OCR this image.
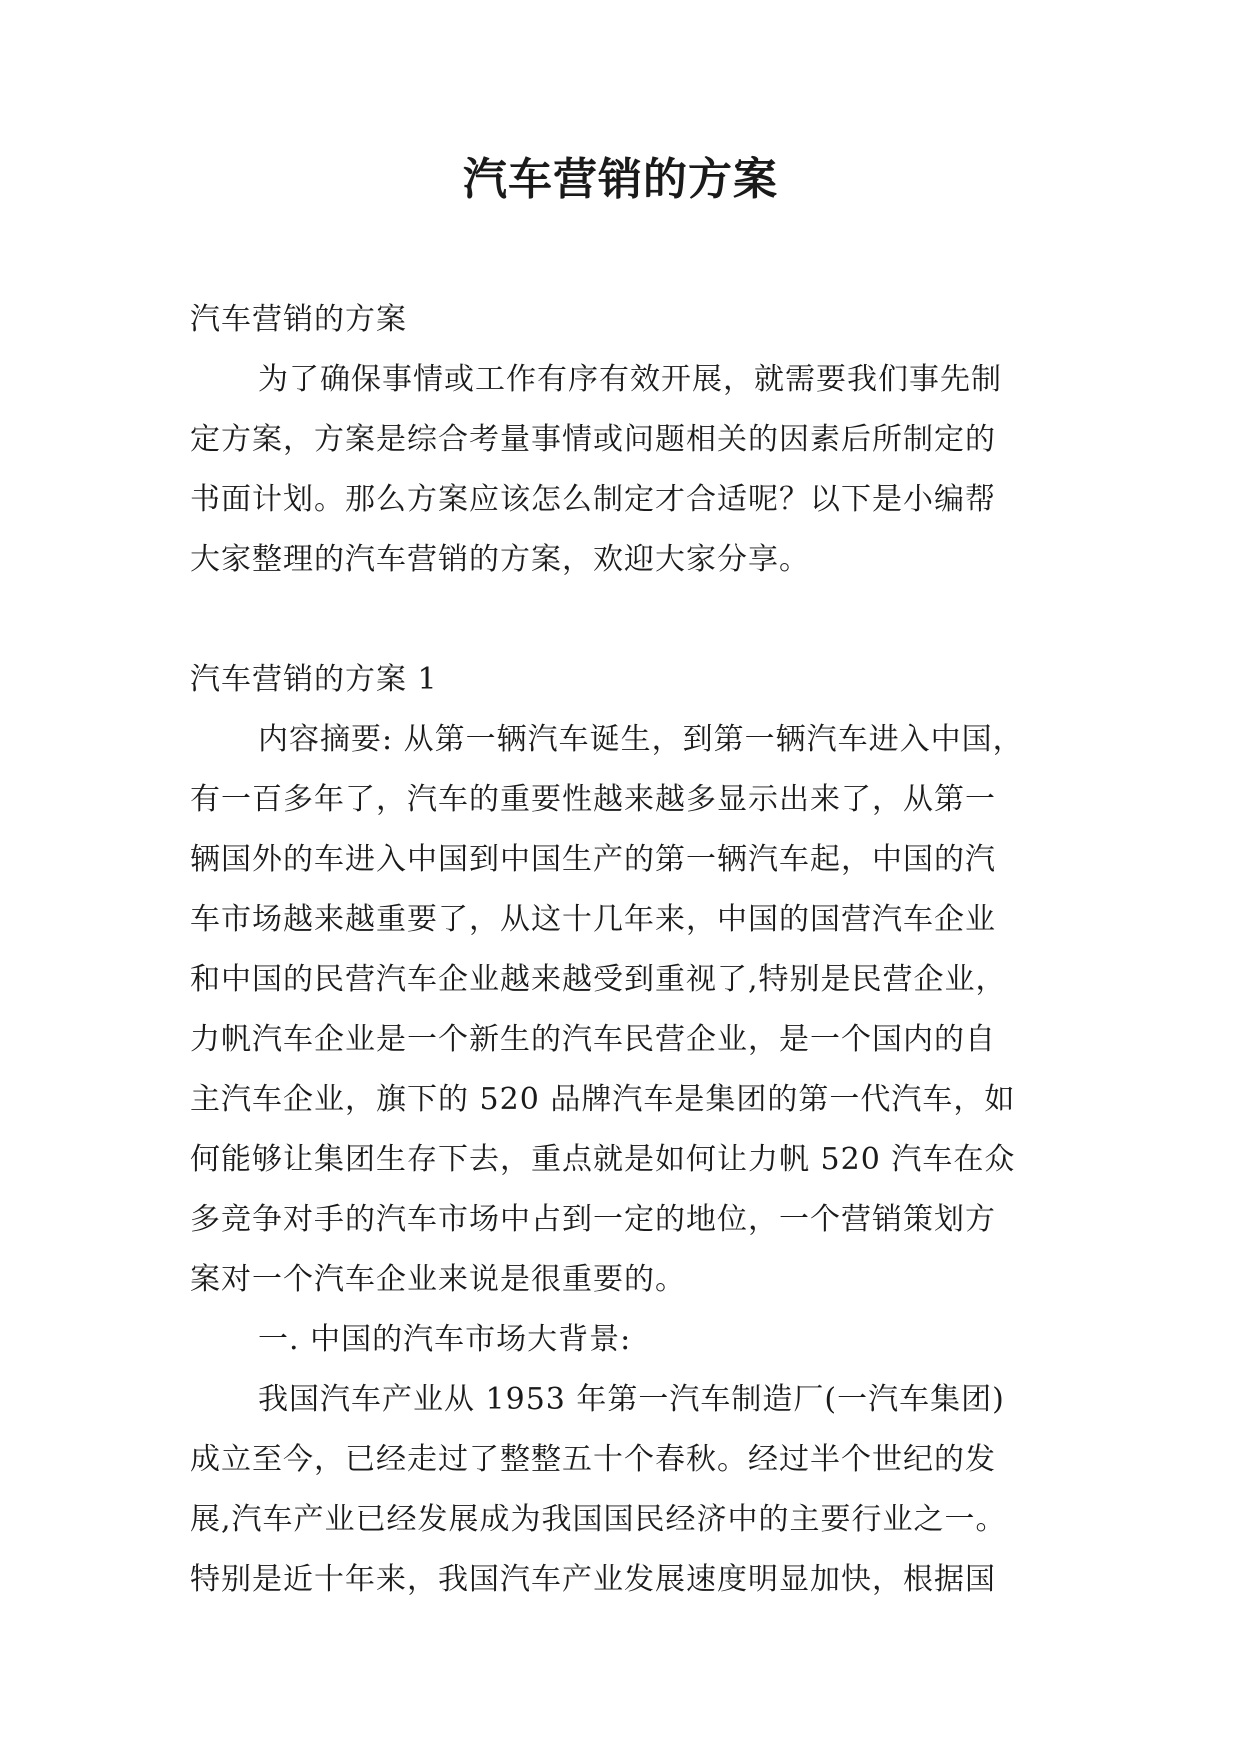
汽车营销的方案
汽车营销的方案
为了确保事情或工作有序有效开展，就需要我们事先制
定方案，方案是综合考量事情或问题相关的因素后所制定的
书面计划。那么方案应该怎么制定才合适呢？以下是小编帮
大家整理的汽车营销的方案，欢迎大家分享。
汽车营销的方案 1
内容摘要: 从第一辆汽车诞生，到第一辆汽车进入中国，
有一百多年了，汽车的重要性越来越多显示出来了，从第一
辆国外的车进入中国到中国生产的第一辆汽车起，中国的汽
车市场越来越重要了，从这十几年来，中国的国营汽车企业
和中国的民营汽车企业越来越受到重视了,特别是民营企业，
力帆汽车企业是一个新生的汽车民营企业，是一个国内的自
主汽车企业，旗下的 520 品牌汽车是集团的第一代汽车，如
何能够让集团生存下去，重点就是如何让力帆 520 汽车在众
多竞争对手的汽车市场中占到一定的地位，一个营销策划方
案对一个汽车企业来说是很重要的。
一. 中国的汽车市场大背景:
我国汽车产业从 1953 年第一汽车制造厂(一汽车集团)
成立至今，已经走过了整整五十个春秋。经过半个世纪的发
展,汽车产业已经发展成为我国国民经济中的主要行业之一。
特别是近十年来，我国汽车产业发展速度明显加快，根据国
